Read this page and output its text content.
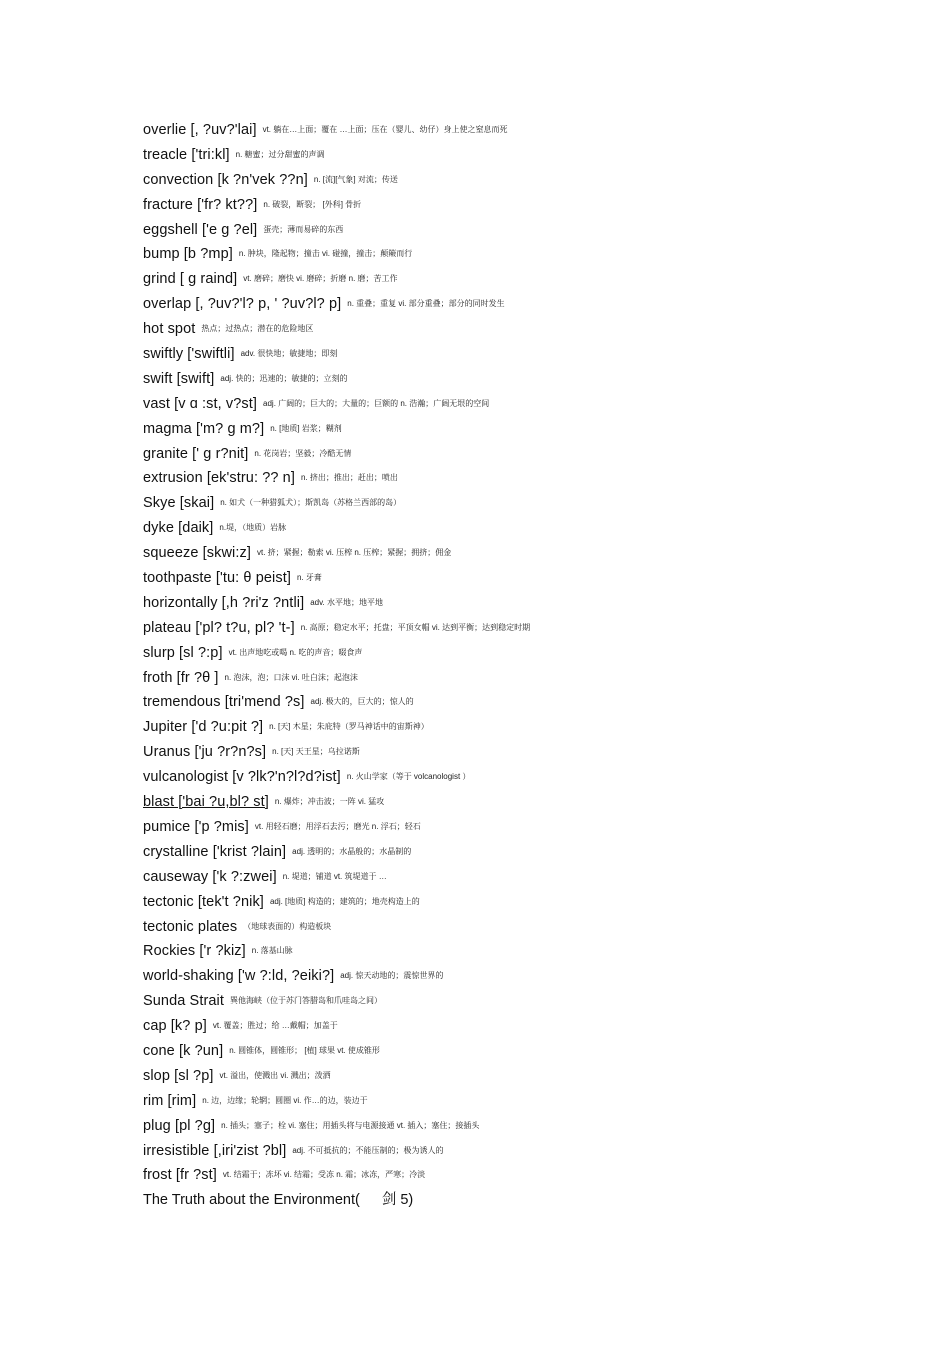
overlie [, ?uv?'lai] vt. 躺在…上面；覆在 …上面；压在（婴儿、幼仔）身上使之窒息而死
treacle ['tri:kl] n. 糖蜜；过分甜蜜的声调
convection [k ?n'vek ??n] n. [流][气象] 对流；传送
fracture ['fr? kt??] n. 破裂，断裂； [外科] 骨折
eggshell ['e ɡ ?el] 蛋壳；薄而易碎的东西
bump [b ?mp] n. 肿块，隆起物；撞击 vi. 碰撞，撞击；颠簸而行
grind [ ɡ raind] vt. 磨碎；磨快 vi. 磨碎；折磨 n. 磨；苦工作
overlap [, ?uv?'l? p, ' ?uv?l? p] n. 重叠；重复 vi. 部分重叠；部分的同时发生
hot spot 热点；过热点；潜在的危险地区
swiftly ['swiftli] adv. 很快地；敏捷地；即刻
swift [swift] adj. 快的；迅速的；敏捷的；立刻的
vast [v ɑ :st, v?st] adj. 广阔的；巨大的；大量的；巨额的 n. 浩瀚；广阔无垠的空间
magma ['m? ɡ m?] n. [地质] 岩浆；糊剂
granite [' ɡ r?nit] n. 花岗岩；坚毅；冷酷无情
extrusion [ek'stru: ?? n] n. 挤出；推出；赶出；喷出
Skye [skai] n. 如犬（一种猎狐犬）；斯凯岛（苏格兰西部的岛）
dyke [daik] n.堤，（地质）岩脉
squeeze [skwi:z] vt. 挤；紧握；勒索 vi. 压榨 n. 压榨；紧握；拥挤；佣金
toothpaste ['tu: θ peist] n. 牙膏
horizontally [,h ?ri'z ?ntli] adv. 水平地；地平地
plateau ['pl? t?u, pl? 't-] n. 高原；稳定水平；托盘；平顶女帽 vi. 达到平衡；达到稳定时期
slurp [sl ?:p] vt. 出声地吃或喝 n. 吃的声音；啜食声
froth [fr ?θ ] n. 泡沫，泡；口沫 vi. 吐白沫；起泡沫
tremendous [tri'mend ?s] adj. 极大的，巨大的；惊人的
Jupiter ['d ?u:pit ?] n. [天] 木星；朱庇特（罗马神话中的宙斯神）
Uranus ['ju ?r?n?s] n. [天] 天王星；乌拉诺斯
vulcanologist [v ?lk?'n?l?d?ist] n. 火山学家（等于 volcanologist ）
blast ['bai ?u,bl? st] n. 爆炸；冲击波；一阵 vi. 猛攻
pumice ['p ?mis] vt. 用轻石磨；用浮石去污；磨光 n. 浮石；轻石
crystalline ['krist ?lain] adj. 透明的；水晶般的；水晶制的
causeway ['k ?:zwei] n. 堤道；铺道 vt. 筑堤道于 …
tectonic [tek't ?nik] adj. [地质] 构造的；建筑的；地壳构造上的
tectonic plates （地球表面的）构造板块
Rockies ['r ?kiz] n. 落基山脉
world-shaking ['w ?:ld, ?eiki?] adj. 惊天动地的；震惊世界的
Sunda Strait 巽他海峡（位于苏门答腊岛和爪哇岛之间）
cap [k? p] vt. 覆盖；胜过；给 …戴帽；加盖于
cone [k ?un] n. 圆锥体，圆锥形； [植] 球果 vt. 使成锥形
slop [sl ?p] vt. 溢出，使溅出 vi. 溅出；泼洒
rim [rim] n. 边，边缘；轮辋；圆圈 vi. 作…的边，装边于
plug [pl ?ɡ] n. 插头；塞子；栓 vi. 塞住；用插头将与电源接通 vt. 插入；塞住；接插头
irresistible [,iri'zist ?bl] adj. 不可抵抗的；不能压制的；极为诱人的
frost [fr ?st] vt. 结霜于；冻坏 vi. 结霜；受冻 n. 霜；冰冻，严寒；冷淡
The Truth about the Environment( 剑 5)
